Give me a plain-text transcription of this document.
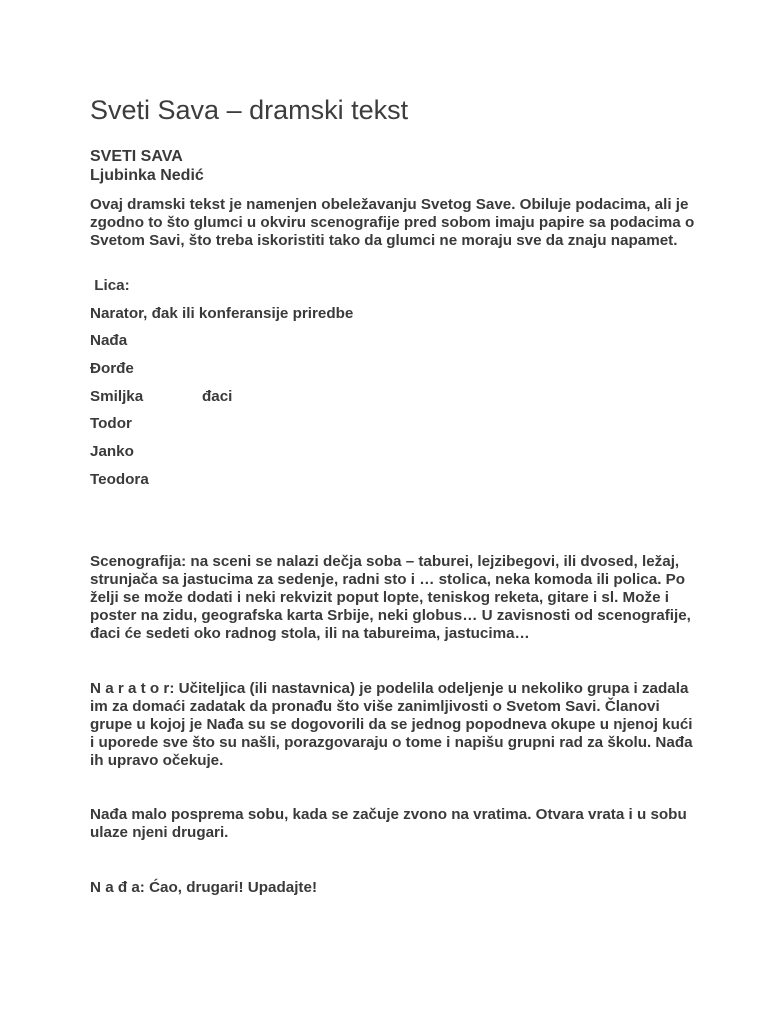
Sveti Sava – dramski tekst

SVETI SAVA

Ljubinka Nedić

Ovaj dramski tekst je namenjen obeležavanju Svetog Save. Obiluje podacima, ali je zgodno to što glumci u okviru scenografije pred sobom imaju papire sa podacima o Svetom Savi, što treba iskoristiti tako da glumci ne moraju sve da znaju napamet.

Lica:

Narator, đak ili konferansije priredbe

Nađa

Đorđe

Smiljka	đaci

Todor

Janko

Teodora

Scenografija: na sceni se nalazi dečja soba – taburei, lejzibegovi, ili dvosed, ležaj, strunjača sa jastucima za sedenje, radni sto i … stolica, neka komoda ili polica. Po želji se može dodati i neki rekvizit poput lopte, teniskog reketa, gitare i sl. Može i poster na zidu, geografska karta Srbije, neki globus… U zavisnosti od scenografije, đaci će sedeti oko radnog stola, ili na tabureima, jastucima…

N a r a t o r: Učiteljica (ili nastavnica) je podelila odeljenje u nekoliko grupa i zadala im za domaći zadatak da pronađu što više zanimljivosti o Svetom Savi. Članovi grupe u kojoj je Nađa su se dogovorili da se jednog popodneva okupe u njenoj kući i uporede sve što su našli, porazgovaraju o tome i napišu grupni rad za školu. Nađa ih upravo očekuje.

Nađa malo posprema sobu, kada se začuje zvono na vratima. Otvara vrata i u sobu ulaze njeni drugari.

N a đ a: Ćao, drugari! Upadajte!
